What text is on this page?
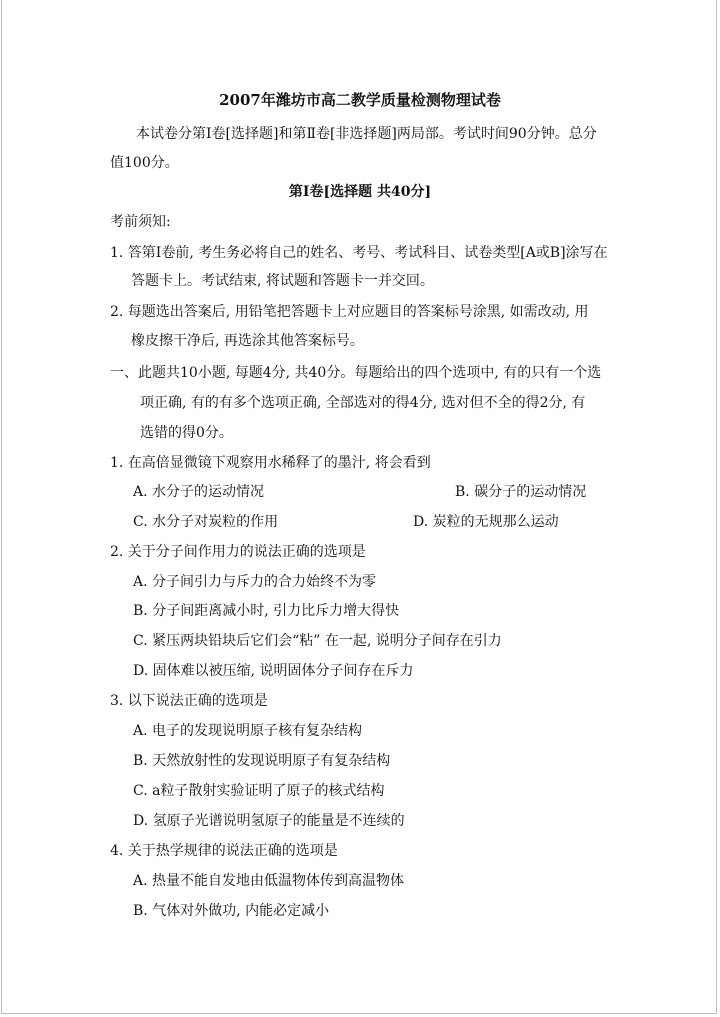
2007年潍坊市高二教学质量检测物理试卷
本试卷分第Ⅰ卷[选择题]和第Ⅱ卷[非选择题]两局部。考试时间90分钟。总分
值100分。
第Ⅰ卷[选择题 共40分]
考前须知:
1. 答第Ⅰ卷前, 考生务必将自己的姓名、考号、考试科目、试卷类型[A或B]涂写在
答题卡上。考试结束, 将试题和答题卡一并交回。
2. 每题选出答案后, 用铅笔把答题卡上对应题目的答案标号涂黑, 如需改动, 用
橡皮擦干净后, 再选涂其他答案标号。
一、此题共10小题, 每题4分, 共40分。每题给出的四个选项中, 有的只有一个选
项正确, 有的有多个选项正确, 全部选对的得4分, 选对但不全的得2分, 有
选错的得0分。
1. 在高倍显微镜下观察用水稀释了的墨汁, 将会看到
A. 水分子的运动情况	B. 碳分子的运动情况
C. 水分子对炭粒的作用	D. 炭粒的无规那么运动
2. 关于分子间作用力的说法正确的选项是
A. 分子间引力与斥力的合力始终不为零
B. 分子间距离减小时, 引力比斥力增大得快
C. 紧压两块铅块后它们会“粘” 在一起, 说明分子间存在引力
D. 固体难以被压缩, 说明固体分子间存在斥力
3. 以下说法正确的选项是
A. 电子的发现说明原子核有复杂结构
B. 天然放射性的发现说明原子有复杂结构
C. a粒子散射实验证明了原子的核式结构
D. 氢原子光谱说明氢原子的能量是不连续的
4. 关于热学规律的说法正确的选项是
A. 热量不能自发地由低温物体传到高温物体
B. 气体对外做功, 内能必定减小
